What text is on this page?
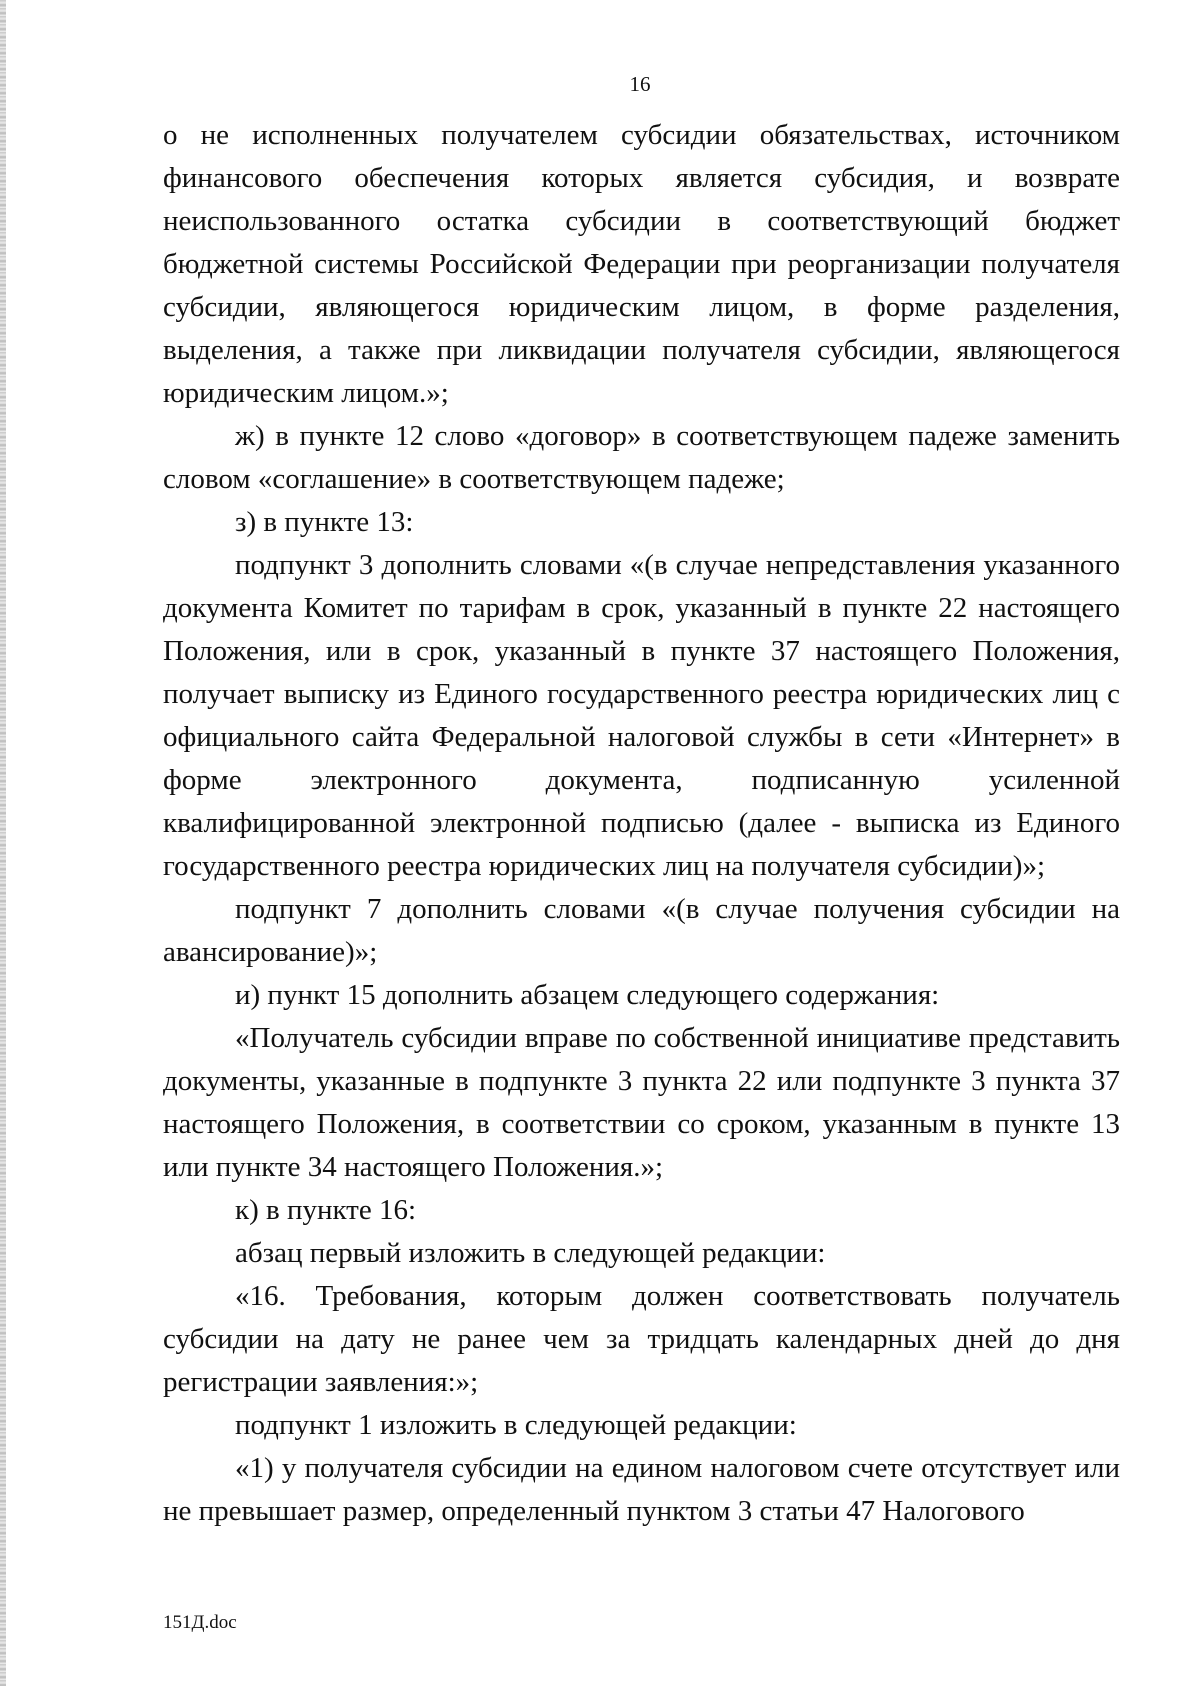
16

о не исполненных получателем субсидии обязательствах, источником финансового обеспечения которых является субсидия, и возврате неиспользованного остатка субсидии в соответствующий бюджет бюджетной системы Российской Федерации при реорганизации получателя субсидии, являющегося юридическим лицом, в форме разделения, выделения, а также при ликвидации получателя субсидии, являющегося юридическим лицом.»;

ж) в пункте 12 слово «договор» в соответствующем падеже заменить словом «соглашение» в соответствующем падеже;

з) в пункте 13:

подпункт 3 дополнить словами «(в случае непредставления указанного документа Комитет по тарифам в срок, указанный в пункте 22 настоящего Положения, или в срок, указанный в пункте 37 настоящего Положения, получает выписку из Единого государственного реестра юридических лиц с официального сайта Федеральной налоговой службы в сети «Интернет» в форме электронного документа, подписанную усиленной квалифицированной электронной подписью (далее - выписка из Единого государственного реестра юридических лиц на получателя субсидии)»;

подпункт 7 дополнить словами «(в случае получения субсидии на авансирование)»;

и) пункт 15 дополнить абзацем следующего содержания:

«Получатель субсидии вправе по собственной инициативе представить документы, указанные в подпункте 3 пункта 22 или подпункте 3 пункта 37 настоящего Положения, в соответствии со сроком, указанным в пункте 13 или пункте 34 настоящего Положения.»;

к) в пункте 16:

абзац первый изложить в следующей редакции:

«16. Требования, которым должен соответствовать получатель субсидии на дату не ранее чем за тридцать календарных дней до дня регистрации заявления:»;

подпункт 1 изложить в следующей редакции:

«1) у получателя субсидии на едином налоговом счете отсутствует или не превышает размер, определенный пунктом 3 статьи 47 Налогового

151Д.doc
